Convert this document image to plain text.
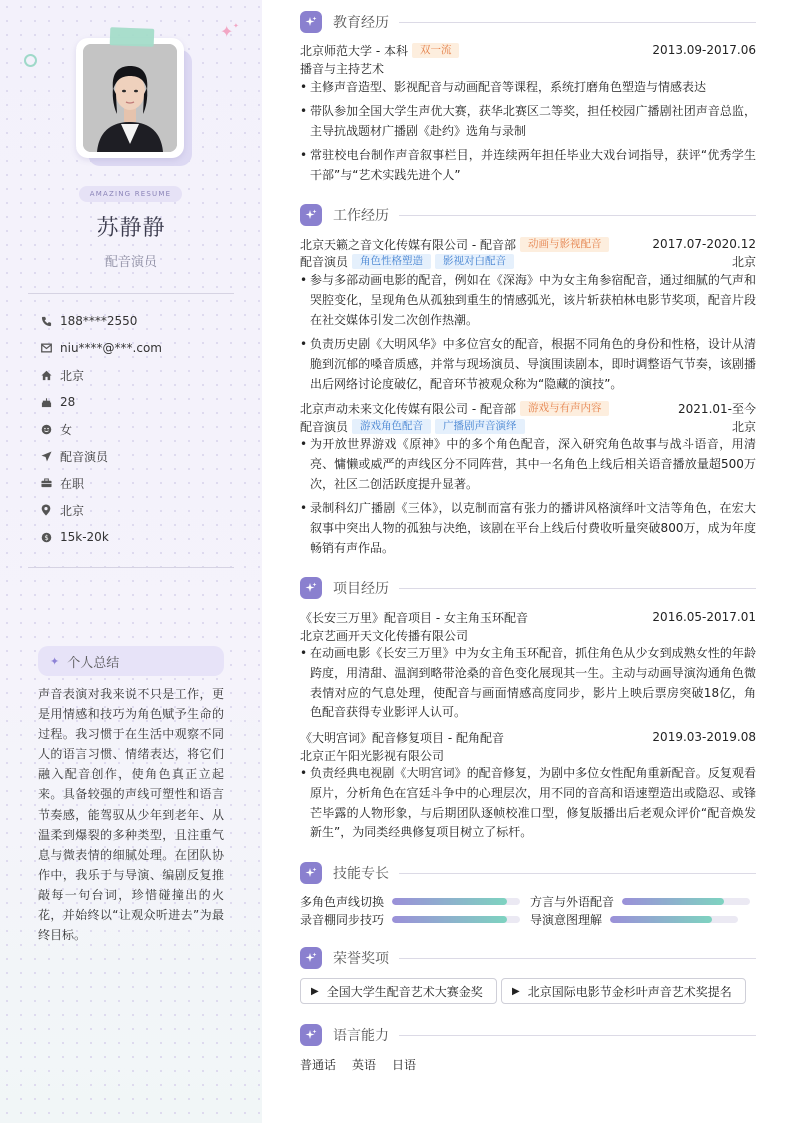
✦ ✦
AMAZING RESUME
苏静静
配音演员
188****2550
niu****@***.com
北京
28
女
配音演员
在职
北京
$ 15k-20k
✦ 个人总结
声音表演对我来说不只是工作，更是用情感和技巧为角色赋予生命的过程。我习惯于在生活中观察不同人的语言习惯、情绪表达，将它们融入配音创作，使角色真正立起来。具备较强的声线可塑性和语言节奏感，能驾驭从少年到老年、从温柔到爆裂的多种类型，且注重气息与微表情的细腻处理。在团队协作中，我乐于与导演、编剧反复推敲每一句台词，珍惜碰撞出的火花，并始终以“让观众听进去”为最终目标。
教育经历
北京师范大学 - 本科	双一流	2013.09-2017.06
播音与主持艺术
• 主修声音造型、影视配音与动画配音等课程，系统打磨角色塑造与情感表达
• 带队参加全国大学生声优大赛，获华北赛区二等奖，担任校园广播剧社团声音总监，主导抗战题材广播剧《赴约》选角与录制
• 常驻校电台制作声音叙事栏目，并连续两年担任毕业大戏台词指导，获评“优秀学生干部”与“艺术实践先进个人”
工作经历
北京天籁之音文化传媒有限公司 - 配音部	动画与影视配音	2017.07-2020.12
配音演员	角色性格塑造	影视对白配音	北京
• 参与多部动画电影的配音，例如在《深海》中为女主角参宿配音，通过细腻的气声和哭腔变化，呈现角色从孤独到重生的情感弧光，该片斩获柏林电影节奖项，配音片段在社交媒体引发二次创作热潮。
• 负责历史剧《大明风华》中多位宫女的配音，根据不同角色的身份和性格，设计从清脆到沉郁的嗓音质感，并常与现场演员、导演围读剧本，即时调整语气节奏，该剧播出后网络讨论度破亿，配音环节被观众称为“隐藏的演技”。
北京声动未来文化传媒有限公司 - 配音部	游戏与有声内容	2021.01-至今
配音演员	游戏角色配音	广播剧声音演绎	北京
• 为开放世界游戏《原神》中的多个角色配音，深入研究角色故事与战斗语音，用清亮、慵懒或威严的声线区分不同阵营，其中一名角色上线后相关语音播放量超500万次，社区二创活跃度提升显著。
• 录制科幻广播剧《三体》，以克制而富有张力的播讲风格演绎叶文洁等角色，在宏大叙事中突出人物的孤独与决绝，该剧在平台上线后付费收听量突破800万，成为年度畅销有声作品。
项目经历
《长安三万里》配音项目 - 女主角玉环配音	2016.05-2017.01
北京艺画开天文化传播有限公司
• 在动画电影《长安三万里》中为女主角玉环配音，抓住角色从少女到成熟女性的年龄跨度，用清甜、温润到略带沧桑的音色变化展现其一生。主动与动画导演沟通角色微表情对应的气息处理，使配音与画面情感高度同步，影片上映后票房突破18亿，角色配音获得专业影评人认可。
《大明宫词》配音修复项目 - 配角配音	2019.03-2019.08
北京正午阳光影视有限公司
• 负责经典电视剧《大明宫词》的配音修复，为剧中多位女性配角重新配音。反复观看原片，分析角色在宫廷斗争中的心理层次，用不同的音高和语速塑造出或隐忍、或锋芒毕露的人物形象，与后期团队逐帧校准口型，修复版播出后老观众评价“配音焕发新生”，为同类经典修复项目树立了标杆。
技能专长
多角色声线切换	方言与外语配音
录音棚同步技巧	导演意图理解
荣誉奖项
▶ 全国大学生配音艺术大赛金奖	▶ 北京国际电影节金杉叶声音艺术奖提名
语言能力
普通话 英语 日语
